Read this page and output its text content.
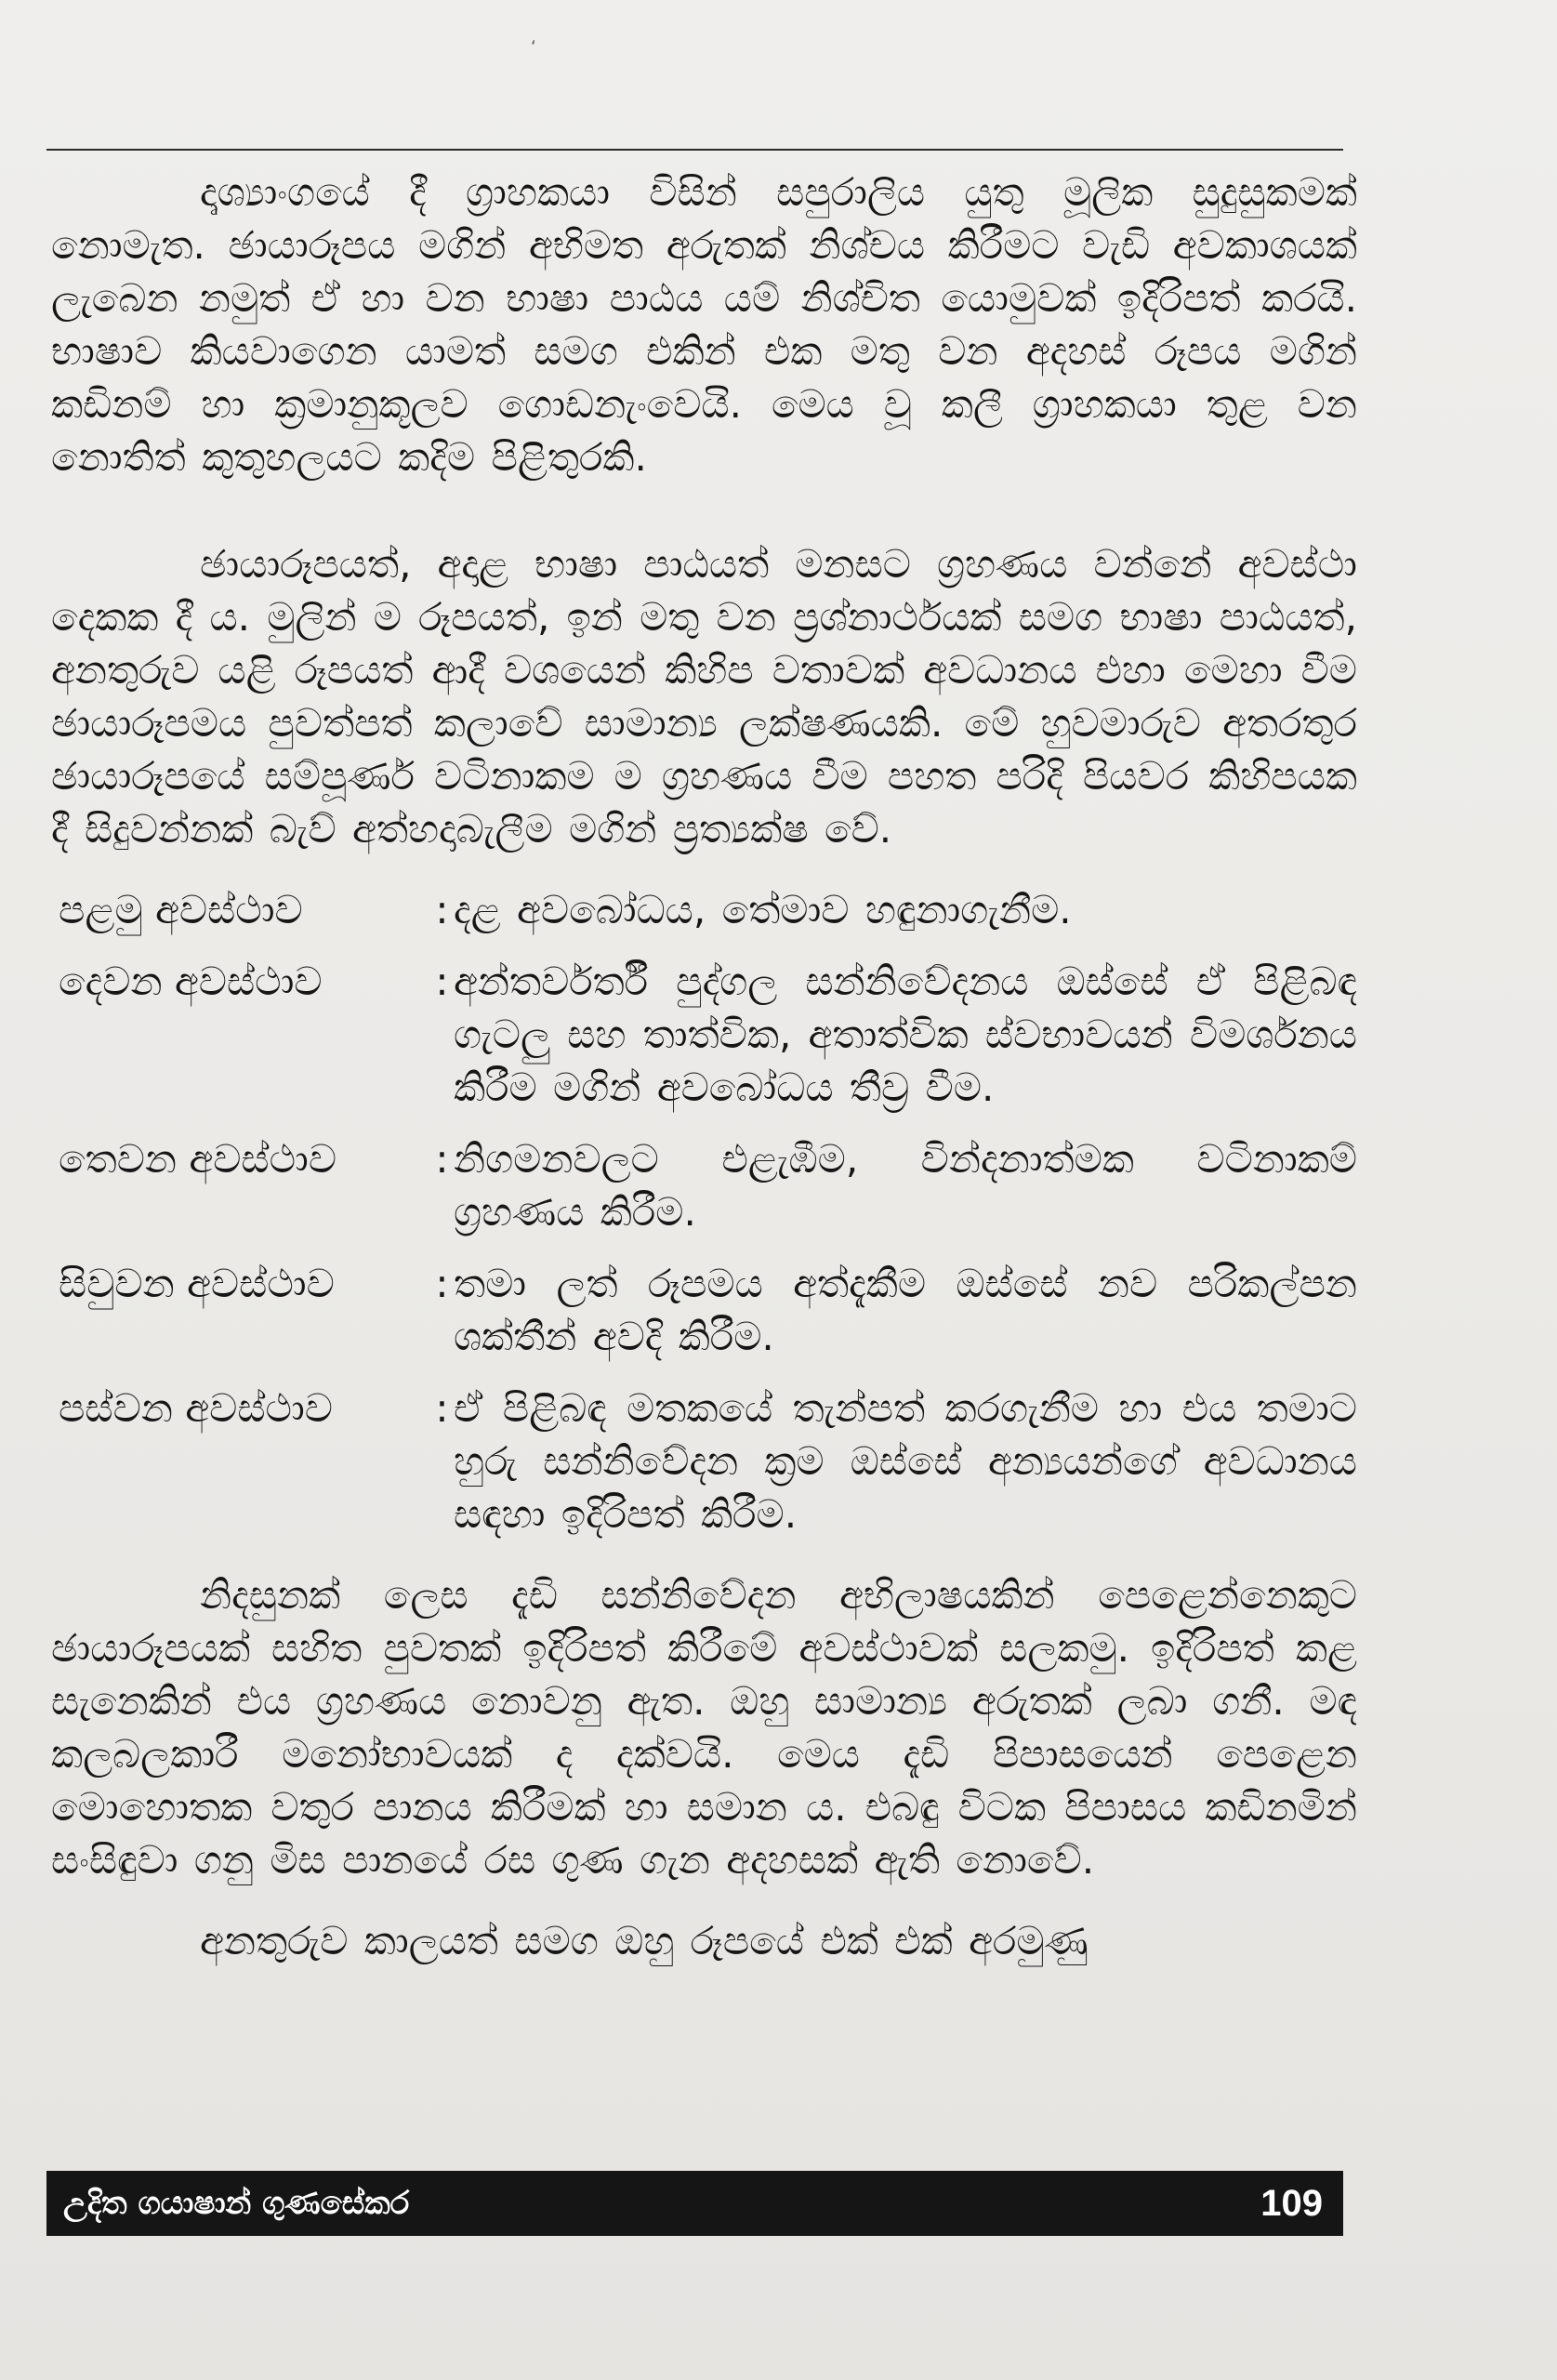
ʻ

දෘශ්‍යාංගයේ දී ග්‍රාහකයා විසින් සපුරාලිය යුතු මූලික සුදුසුකමක් නොමැත. ඡායාරූපය මගින් අභිමත අරුතක් නිශ්චය කිරීමට වැඩි අවකාශයක් ලැබෙන නමුත් ඒ හා වන භාෂා පාඨය යම් නිශ්චිත යොමුවක් ඉදිරිපත් කරයි. භාෂාව කියවාගෙන යාමත් සමග එකින් එක මතු වන අදහස් රූපය මගින් කඩිනම් හා ක්‍රමානුකූලව ගොඩනැංවෙයි. මෙය වූ කලී ග්‍රාහකයා තුළ වන නොතිත් කුතුහලයට කදිම පිළිතුරකි.

ඡායාරූපයත්, අදාළ භාෂා පාඨයත් මනසට ග්‍රහණය වන්නේ අවස්ථා දෙකක දී ය. මුලින් ම රූපයත්, ඉන් මතු වන ප්‍රශ්නාර්ථයක් සමග භාෂා පාඨයත්, අනතුරුව යළි රූපයත් ආදී වශයෙන් කිහිප වතාවක් අවධානය එහා මෙහා වීම ඡායාරූපමය පුවත්පත් කලාවේ සාමාන්‍ය ලක්ෂණයකි. මේ හුවමාරුව අතරතුර ඡායාරූපයේ සම්පූර්ණ වටිනාකම ම ග්‍රහණය වීම පහත පරිදි පියවර කිහිපයක දී සිදුවන්නක් බැව් අත්හදාබැලීම මගින් ප්‍රත්‍යක්ෂ වේ.

පළමු අවස්ථාව	: දළ අවබෝධය, තේමාව හඳුනාගැනීම.
දෙවන අවස්ථාව	: අන්තර්වර්තී පුද්ගල සන්නිවේදනය ඔස්සේ ඒ පිළිබඳ ගැටලු සහ තාත්වික, අතාත්වික ස්වභාවයන් විමර්ශනය කිරීම මගින් අවබෝධය තීව්‍ර වීම.
තෙවන අවස්ථාව	: නිගමනවලට එළැඹීම, වින්දනාත්මක වටිනාකම් ග්‍රහණය කිරීම.
සිවුවන අවස්ථාව	: තමා ලත් රූපමය අත්දැකීම ඔස්සේ නව පරිකල්පන ශක්තීන් අවදි කිරීම.
පස්වන අවස්ථාව	: ඒ පිළිබඳ මතකයේ තැන්පත් කරගැනීම හා එය තමාට හුරු සන්නිවේදන ක්‍රම ඔස්සේ අන්‍යයන්ගේ අවධානය සඳහා ඉදිරිපත් කිරීම.

නිදසුනක් ලෙස දැඩි සන්නිවේදන අභිලාෂයකින් පෙළෙන්නෙකුට ඡායාරූපයක් සහිත පුවතක් ඉදිරිපත් කිරීමේ අවස්ථාවක් සලකමු. ඉදිරිපත් කළ සැනෙකින් එය ග්‍රහණය නොවනු ඇත. ඔහු සාමාන්‍ය අරුතක් ලබා ගනී. මඳ කලබලකාරී මනෝභාවයක් ද දක්වයි. මෙය දැඩි පිපාසයෙන් පෙළෙන මොහොතක වතුර පානය කිරීමක් හා සමාන ය. එබඳු විටක පිපාසය කඩිනමින් සංසිඳුවා ගනු මිස පානයේ රස ගුණ ගැන අදහසක් ඇති නොවේ.

අනතුරුව කාලයත් සමග ඔහු රූපයේ එක් එක් අරමුණු

උදිත ගයාෂාන් ගුණසේකර	109
